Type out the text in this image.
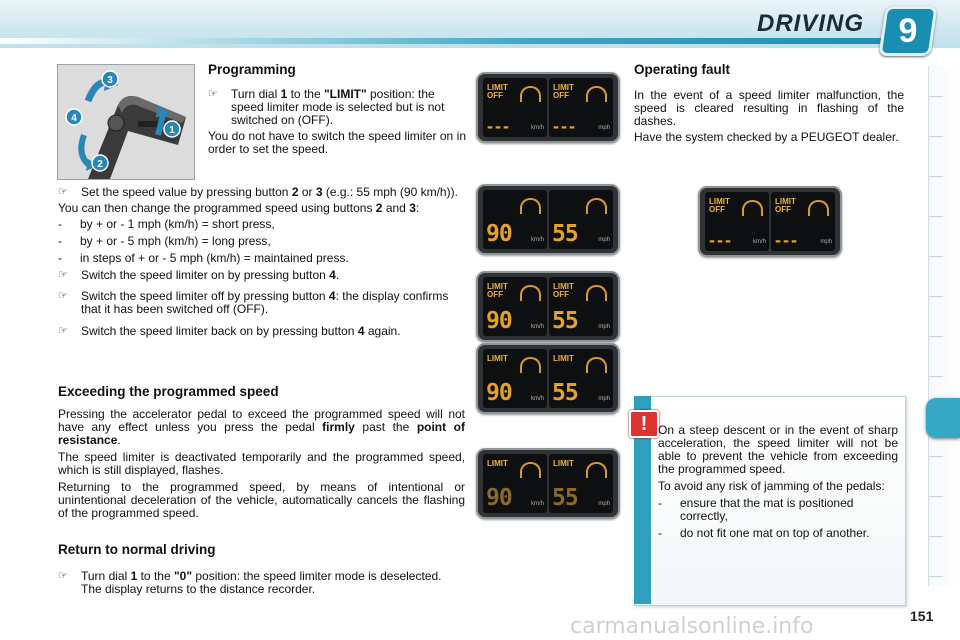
DRIVING	9
3
4
1
2
Programming
☞ Turn dial 1 to the "LIMIT" position: the speed limiter mode is selected but is not switched on (OFF).

You do not have to switch the speed limiter on in order to set the speed.

☞ Set the speed value by pressing button 2 or 3 (e.g.: 55 mph (90 km/h)).

You can then change the programmed speed using buttons 2 and 3:

- by + or - 1 mph (km/h) = short press,
- by + or - 5 mph (km/h) = long press,
- in steps of + or - 5 mph (km/h) = maintained press.
☞ Switch the speed limiter on by pressing button 4.
☞ Switch the speed limiter off by pressing button 4: the display confirms that it has been switched off (OFF).
☞ Switch the speed limiter back on by pressing button 4 again.
Exceeding the programmed speed

Pressing the accelerator pedal to exceed the programmed speed will not have any effect unless you press the pedal firmly past the point of resistance.

The speed limiter is deactivated temporarily and the programmed speed, which is still displayed, flashes.

Returning to the programmed speed, by means of intentional or unintentional deceleration of the vehicle, automatically cancels the flashing of the programmed speed.

Return to normal driving
☞ Turn dial 1 to the "0" position: the speed limiter mode is deselected. The display returns to the distance recorder.
Operating fault

In the event of a speed limiter malfunction, the speed is cleared resulting in flashing of the dashes.

Have the system checked by a PEUGEOT dealer.

LIMIT
OFF
---	km/h
LIMIT
OFF
---	mph
90	km/h 55	mph
LIMIT
OFF
90	km/h
LIMIT
OFF
55	mph
LIMIT
90	km/h
LIMIT
55	mph
LIMIT
90	km/h
LIMIT
55	mph
LIMIT
OFF
---	km/h
LIMIT
OFF
---	mph
! On a steep descent or in the event of sharp acceleration, the speed limiter will not be able to prevent the vehicle from exceeding the programmed speed.

To avoid any risk of jamming of the pedals:

- ensure that the mat is positioned correctly,
- do not fit one mat on top of another.
carmanualsonline.info	151
